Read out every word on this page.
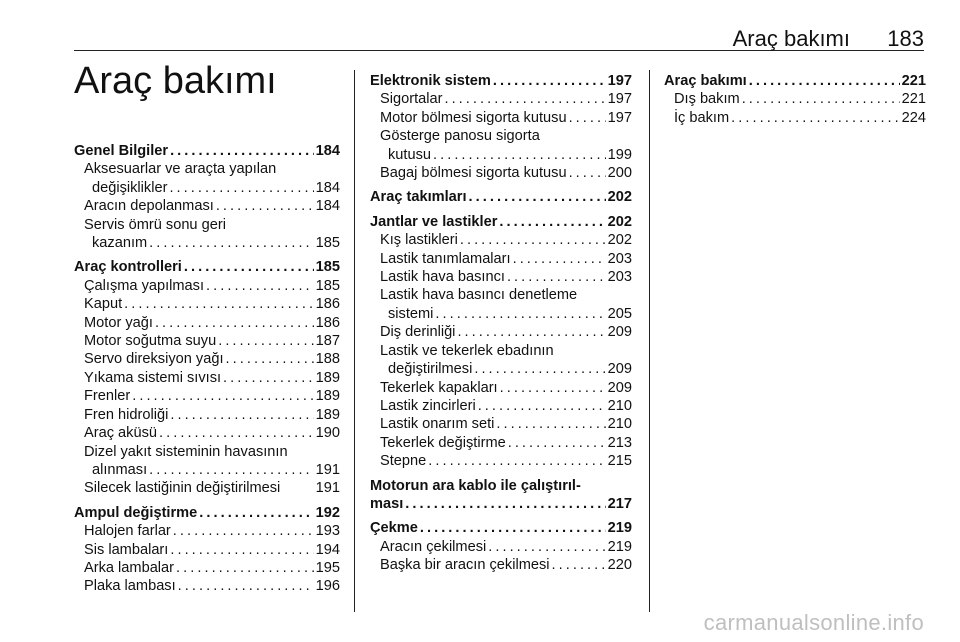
Araç bakımı 183
Araç bakımı
Genel Bilgiler . . .	184
Aksesuarlar ve araçta yapılan
değişiklikler . . .	184
Aracın depolanması . . .	184
Servis ömrü sonu geri
kazanım . . .	185
Araç kontrolleri . . .	185
Çalışma yapılması . . .	185
Kaput . . .	186
Motor yağı . . .	186
Motor soğutma suyu . . .	187
Servo direksiyon yağı . . .	188
Yıkama sistemi sıvısı . . .	189
Frenler . . .	189
Fren hidroliği . . .	189
Araç aküsü . . .	190
Dizel yakıt sisteminin havasının
alınması . . .	191
Silecek lastiğinin değiştirilmesi 191
Ampul değiştirme . . .	192
Halojen farlar . . .	193
Sis lambaları . . .	194
Arka lambalar . . .	195
Plaka lambası . . .	196
Elektronik sistem . . .	197
Sigortalar . . .	197
Motor bölmesi sigorta kutusu . . .	197
Gösterge panosu sigorta
kutusu . . .	199
Bagaj bölmesi sigorta kutusu . . .	200
Araç takımları . . .	202
Jantlar ve lastikler . . .	202
Kış lastikleri . . .	202
Lastik tanımlamaları . . .	203
Lastik hava basıncı . . .	203
Lastik hava basıncı denetleme
sistemi . . .	205
Diş derinliği . . .	209
Lastik ve tekerlek ebadının
değiştirilmesi . . .	209
Tekerlek kapakları . . .	209
Lastik zincirleri . . .	210
Lastik onarım seti . . .	210
Tekerlek değiştirme . . .	213
Stepne . . .	215
Motorun ara kablo ile çalıştırıl-
ması . . .	217
Çekme . . .	219
Aracın çekilmesi . . .	219
Başka bir aracın çekilmesi . . .	220
Araç bakımı . . .	221
Dış bakım . . .	221
İç bakım . . .	224
carmanualsonline.info
